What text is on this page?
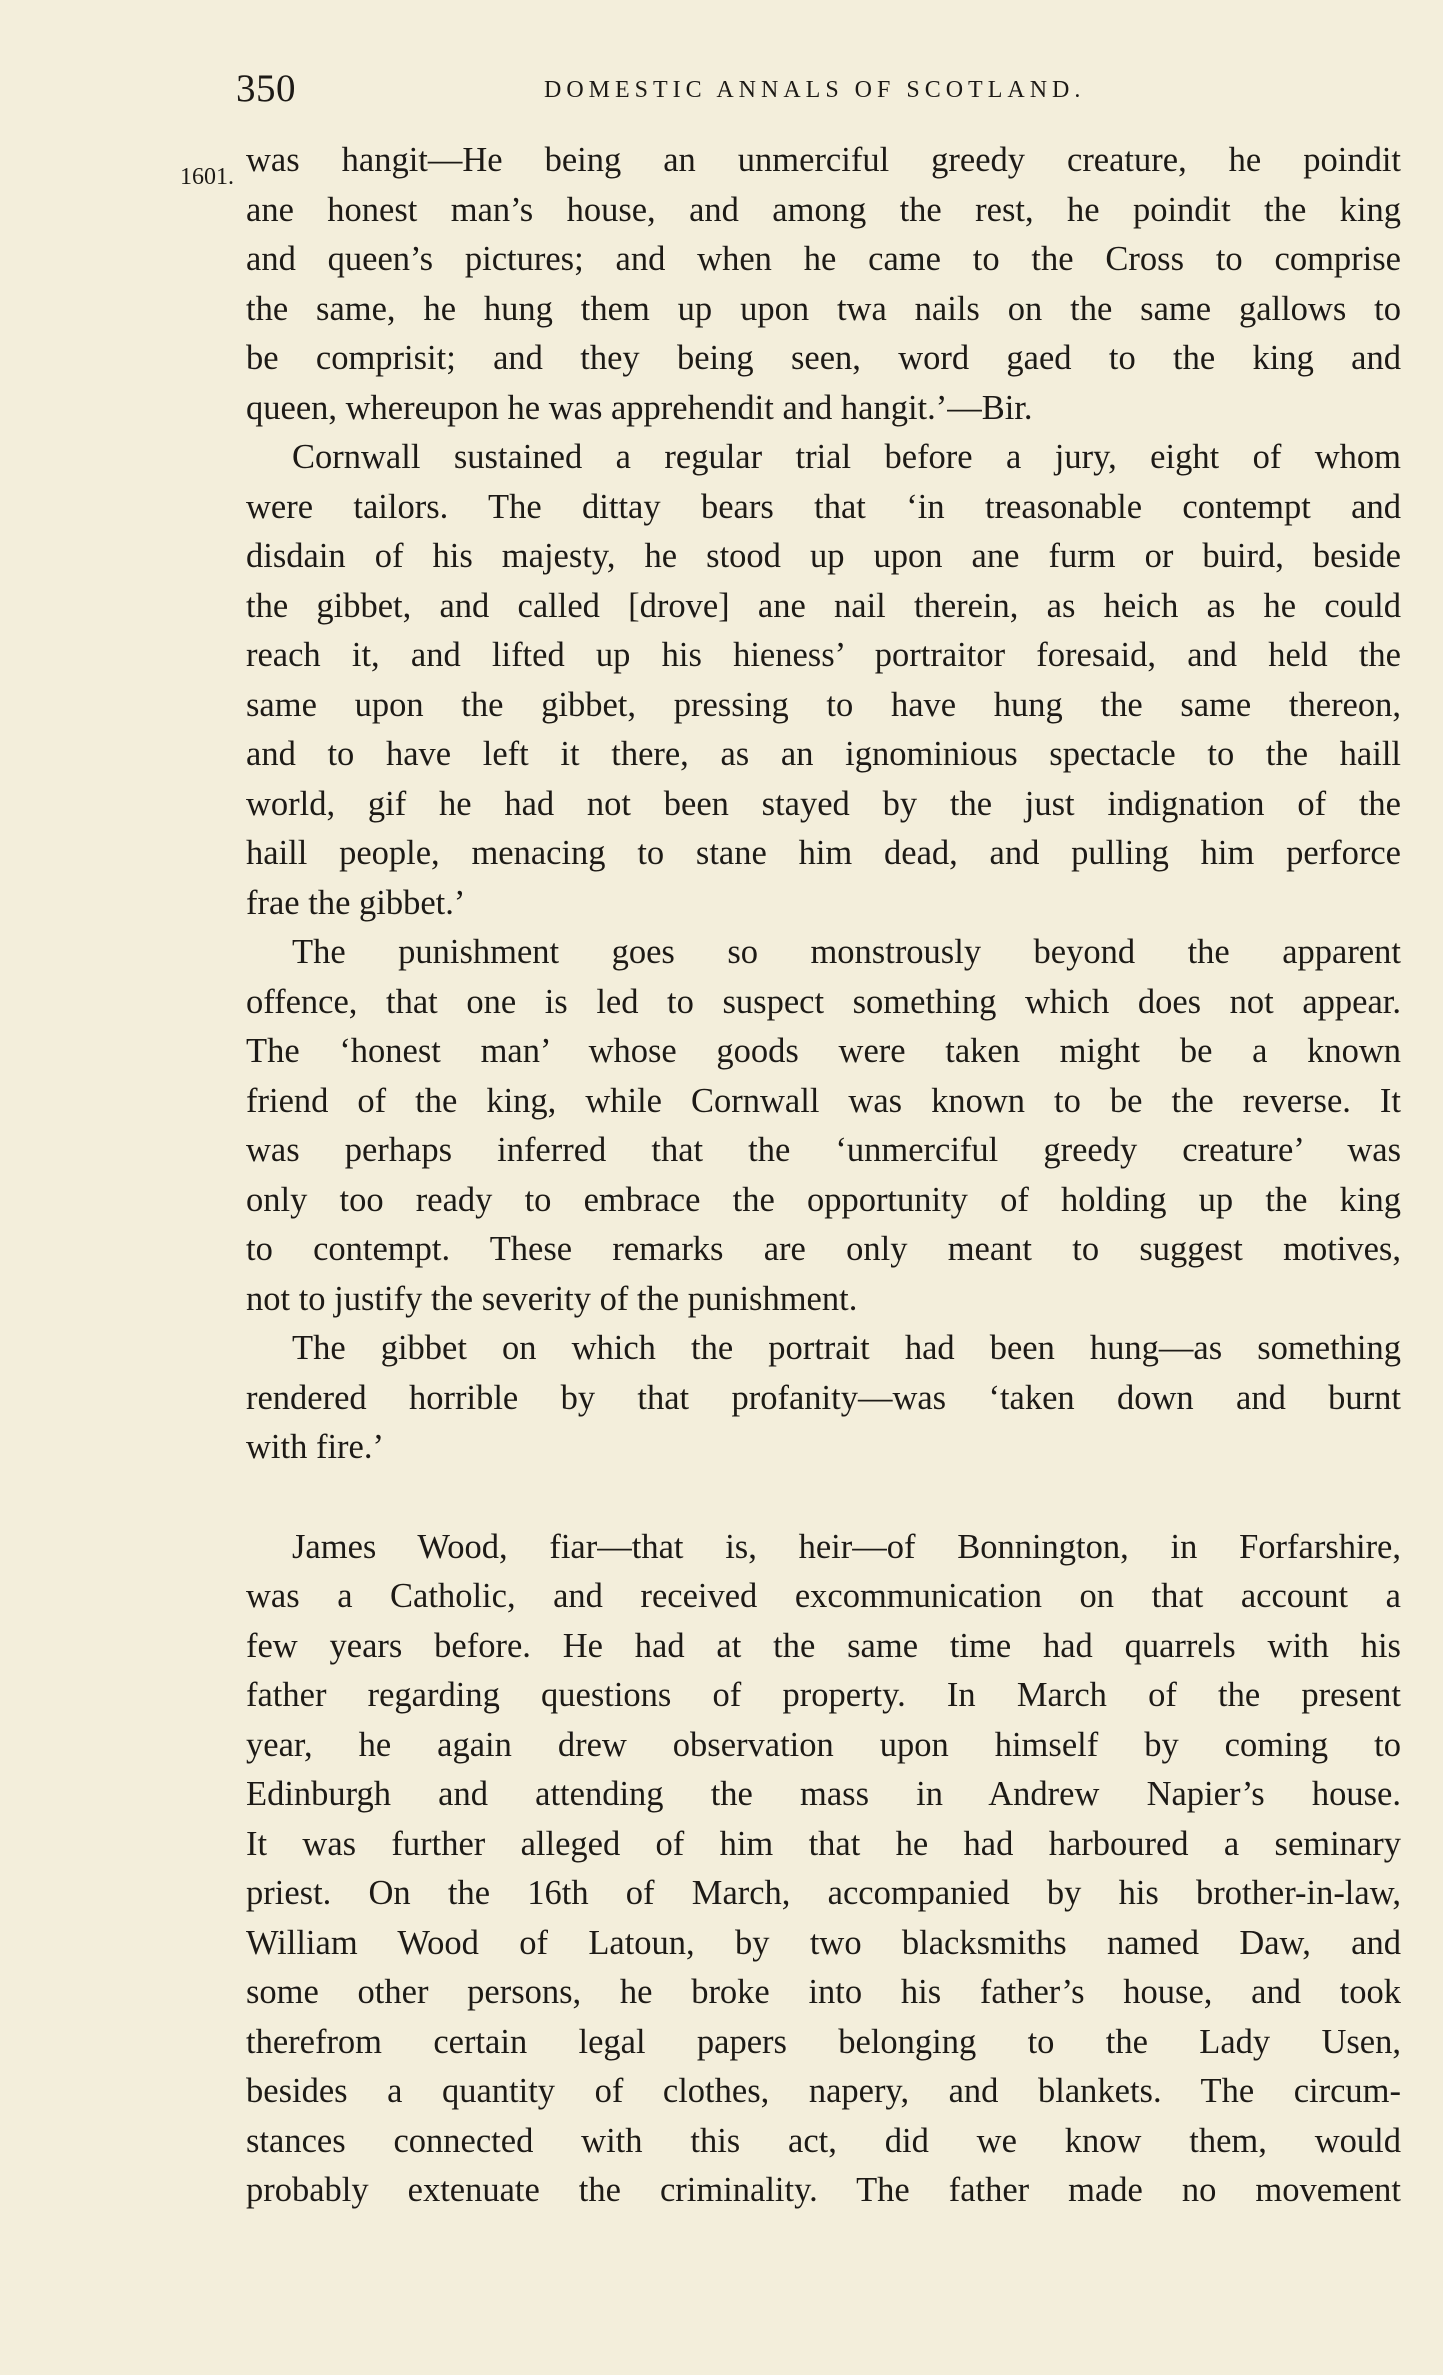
350	DOMESTIC ANNALS OF SCOTLAND.
1601. was hangit—He being an unmerciful greedy creature, he poindit
ane honest man’s house, and among the rest, he poindit the king
and queen’s pictures; and when he came to the Cross to comprise
the same, he hung them up upon twa nails on the same gallows to
be comprisit; and they being seen, word gaed to the king and
queen, whereupon he was apprehendit and hangit.’—Bir.
Cornwall sustained a regular trial before a jury, eight of whom
were tailors. The dittay bears that ‘in treasonable contempt and
disdain of his majesty, he stood up upon ane furm or buird, beside
the gibbet, and called [drove] ane nail therein, as heich as he could
reach it, and lifted up his hieness’ portraitor foresaid, and held the
same upon the gibbet, pressing to have hung the same thereon,
and to have left it there, as an ignominious spectacle to the haill
world, gif he had not been stayed by the just indignation of the
haill people, menacing to stane him dead, and pulling him perforce
frae the gibbet.’
The punishment goes so monstrously beyond the apparent
offence, that one is led to suspect something which does not appear.
The ‘honest man’ whose goods were taken might be a known
friend of the king, while Cornwall was known to be the reverse. It
was perhaps inferred that the ‘unmerciful greedy creature’ was
only too ready to embrace the opportunity of holding up the king
to contempt. These remarks are only meant to suggest motives,
not to justify the severity of the punishment.
The gibbet on which the portrait had been hung—as something
rendered horrible by that profanity—was ‘taken down and burnt
with fire.’
James Wood, fiar—that is, heir—of Bonnington, in Forfarshire,
was a Catholic, and received excommunication on that account a
few years before. He had at the same time had quarrels with his
father regarding questions of property. In March of the present
year, he again drew observation upon himself by coming to
Edinburgh and attending the mass in Andrew Napier’s house.
It was further alleged of him that he had harboured a seminary
priest. On the 16th of March, accompanied by his brother-in-law,
William Wood of Latoun, by two blacksmiths named Daw, and
some other persons, he broke into his father’s house, and took
therefrom certain legal papers belonging to the Lady Usen,
besides a quantity of clothes, napery, and blankets. The circum-
stances connected with this act, did we know them, would
probably extenuate the criminality. The father made no movement
